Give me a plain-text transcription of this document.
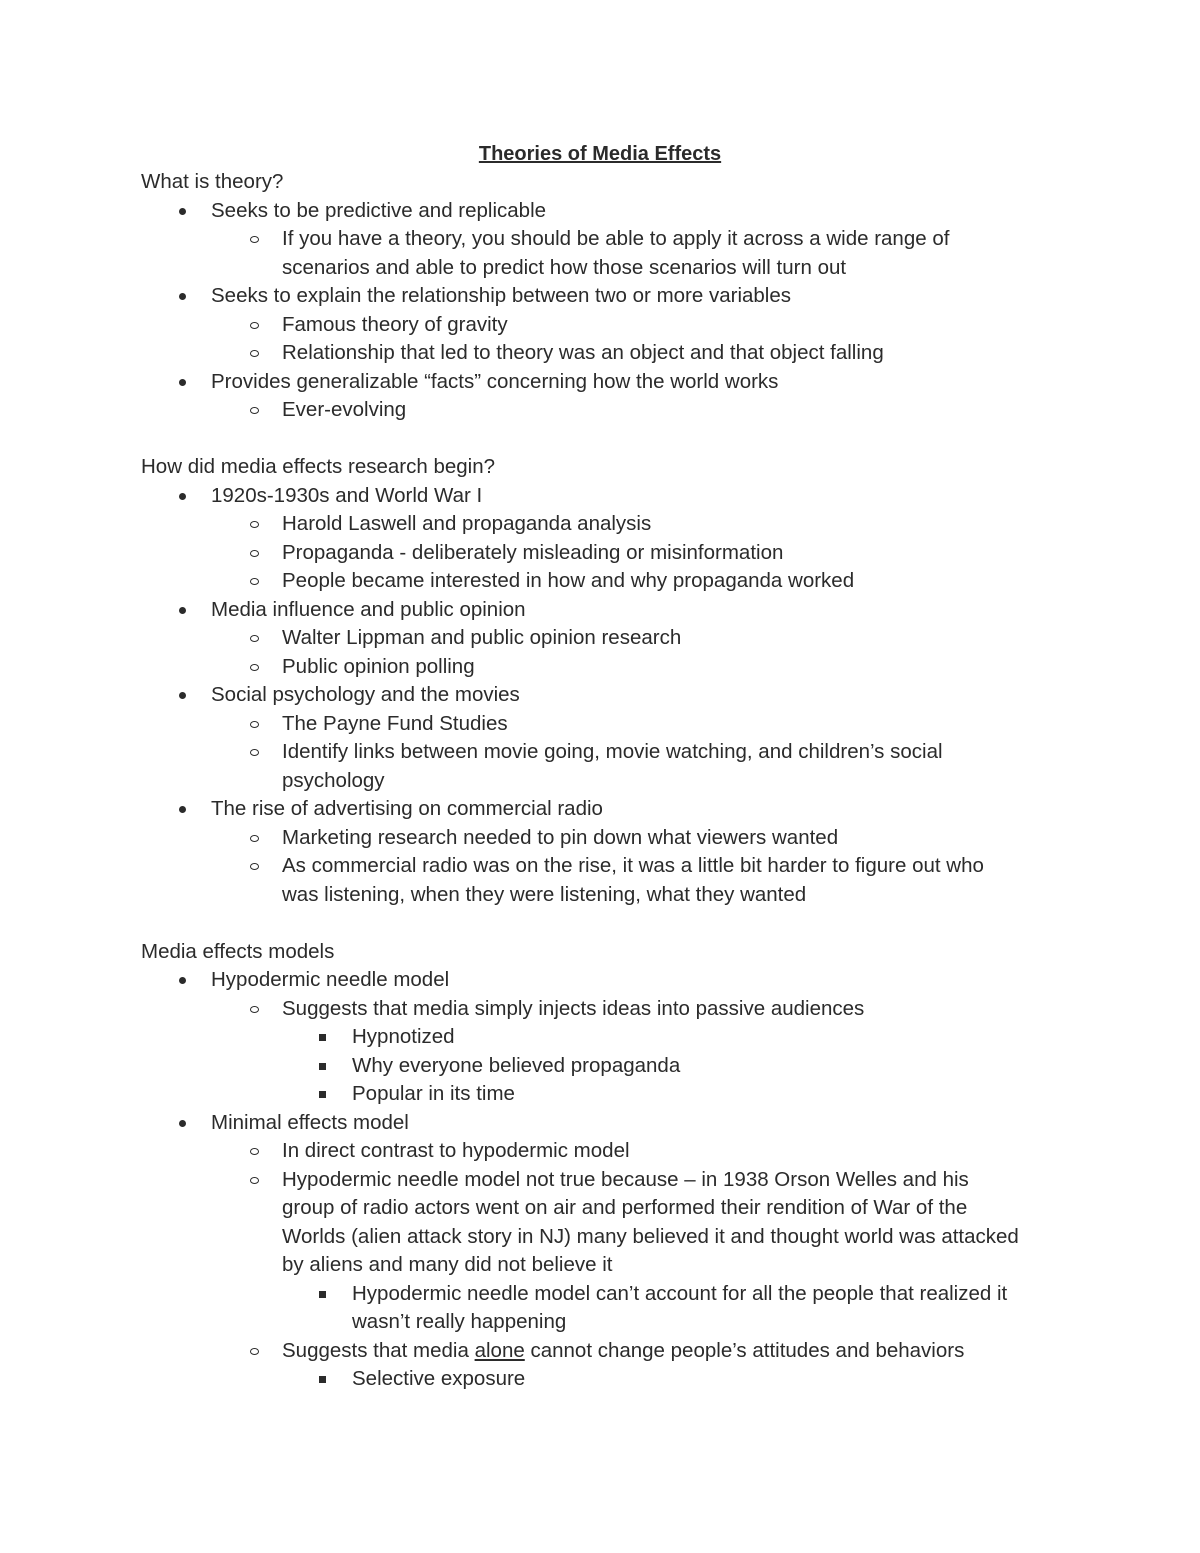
Theories of Media Effects
What is theory?
Seeks to be predictive and replicable
If you have a theory, you should be able to apply it across a wide range of
scenarios and able to predict how those scenarios will turn out
Seeks to explain the relationship between two or more variables
Famous theory of gravity
Relationship that led to theory was an object and that object falling
Provides generalizable “facts” concerning how the world works
Ever-evolving
How did media effects research begin?
1920s-1930s and World War I
Harold Laswell and propaganda analysis
Propaganda - deliberately misleading or misinformation
People became interested in how and why propaganda worked
Media influence and public opinion
Walter Lippman and public opinion research
Public opinion polling
Social psychology and the movies
The Payne Fund Studies
Identify links between movie going, movie watching, and children’s social
psychology
The rise of advertising on commercial radio
Marketing research needed to pin down what viewers wanted
As commercial radio was on the rise, it was a little bit harder to figure out who
was listening, when they were listening, what they wanted
Media effects models
Hypodermic needle model
Suggests that media simply injects ideas into passive audiences
Hypnotized
Why everyone believed propaganda
Popular in its time
Minimal effects model
In direct contrast to hypodermic model
Hypodermic needle model not true because – in 1938 Orson Welles and his
group of radio actors went on air and performed their rendition of War of the
Worlds (alien attack story in NJ) many believed it and thought world was attacked
by aliens and many did not believe it
Hypodermic needle model can’t account for all the people that realized it
wasn’t really happening
Suggests that media alone cannot change people’s attitudes and behaviors
Selective exposure
